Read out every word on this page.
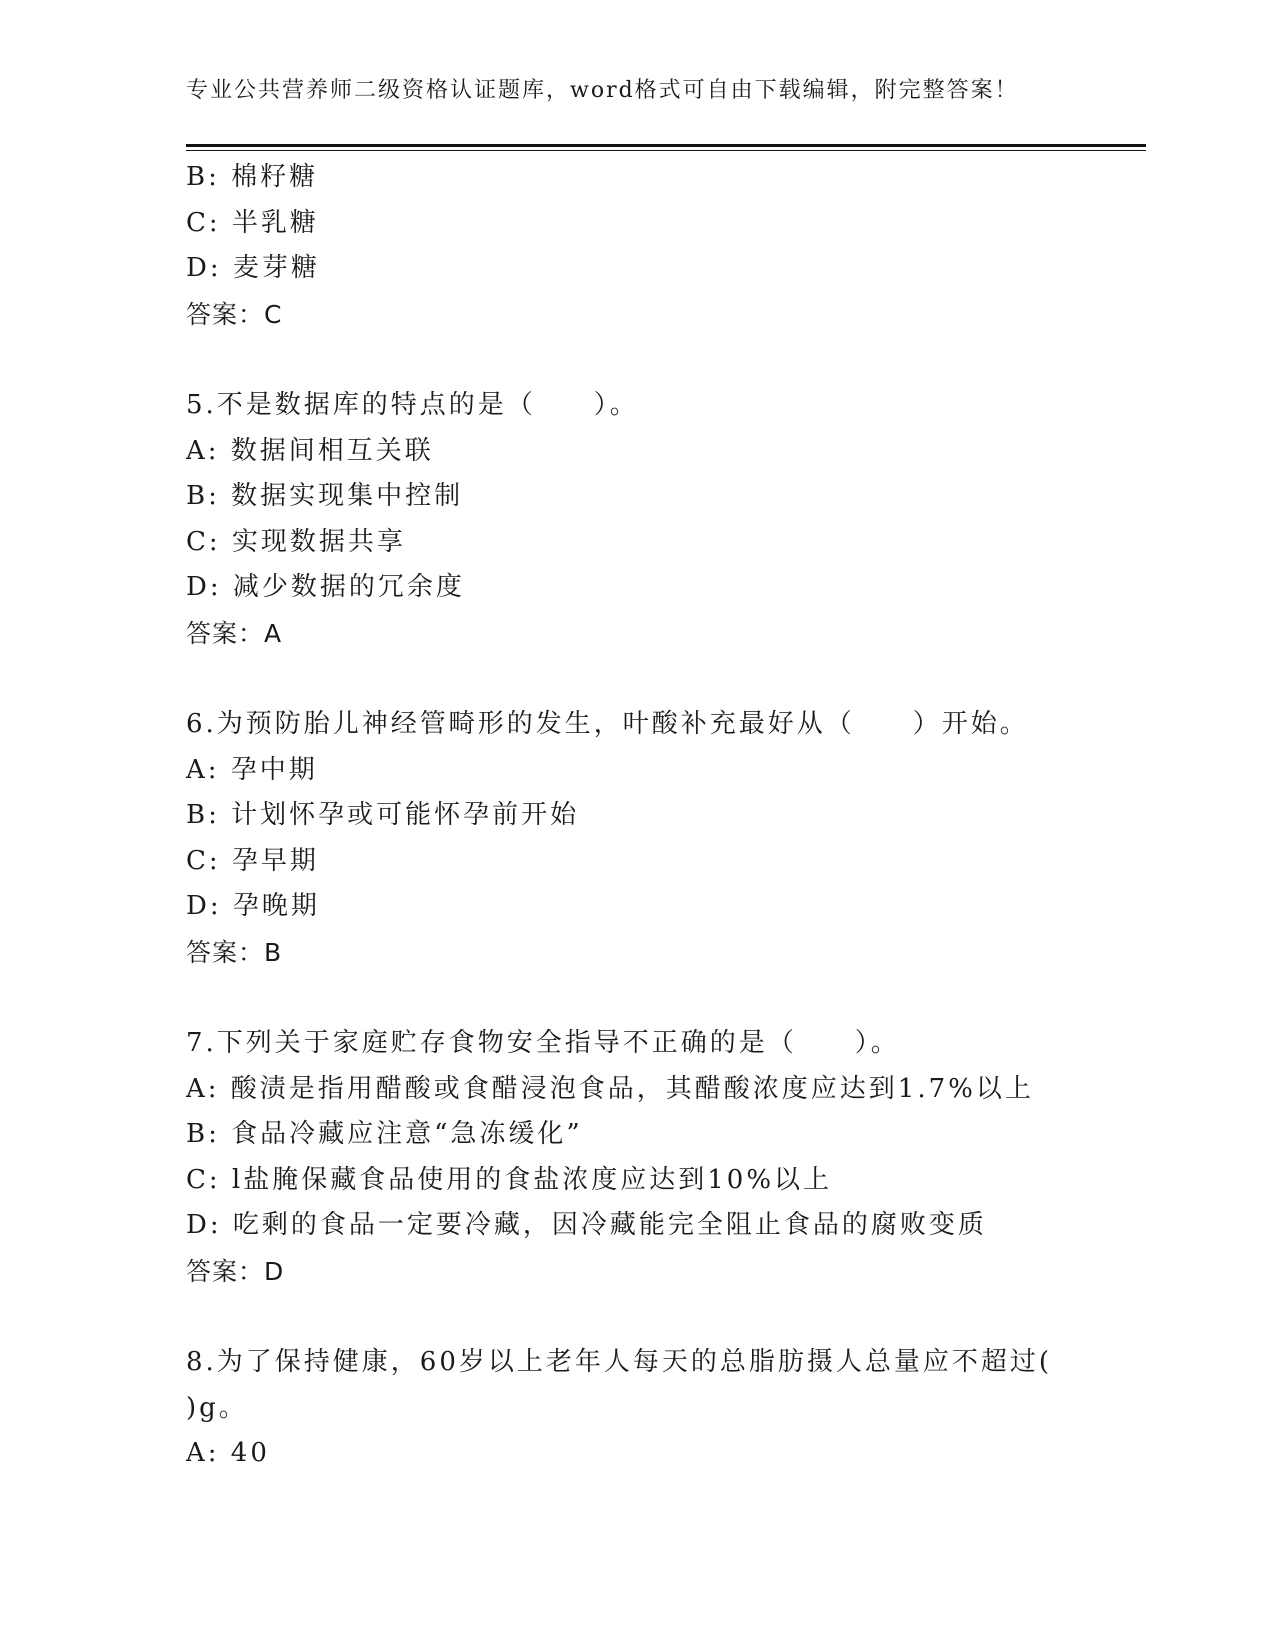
专业公共营养师二级资格认证题库，word格式可自由下载编辑，附完整答案！
B: 棉籽糖
C: 半乳糖
D: 麦芽糖
答案：C
5.不是数据库的特点的是（　　）。
A: 数据间相互关联
B: 数据实现集中控制
C: 实现数据共享
D: 减少数据的冗余度
答案：A
6.为预防胎儿神经管畸形的发生，叶酸补充最好从（　　）开始。
A: 孕中期
B: 计划怀孕或可能怀孕前开始
C: 孕早期
D: 孕晚期
答案：B
7.下列关于家庭贮存食物安全指导不正确的是（　　）。
A: 酸渍是指用醋酸或食醋浸泡食品，其醋酸浓度应达到1.7%以上
B: 食品冷藏应注意“急冻缓化”
C: l盐腌保藏食品使用的食盐浓度应达到10%以上
D: 吃剩的食品一定要冷藏，因冷藏能完全阻止食品的腐败变质
答案：D
8.为了保持健康，60岁以上老年人每天的总脂肪摄人总量应不超过(
)g。
A: 40
